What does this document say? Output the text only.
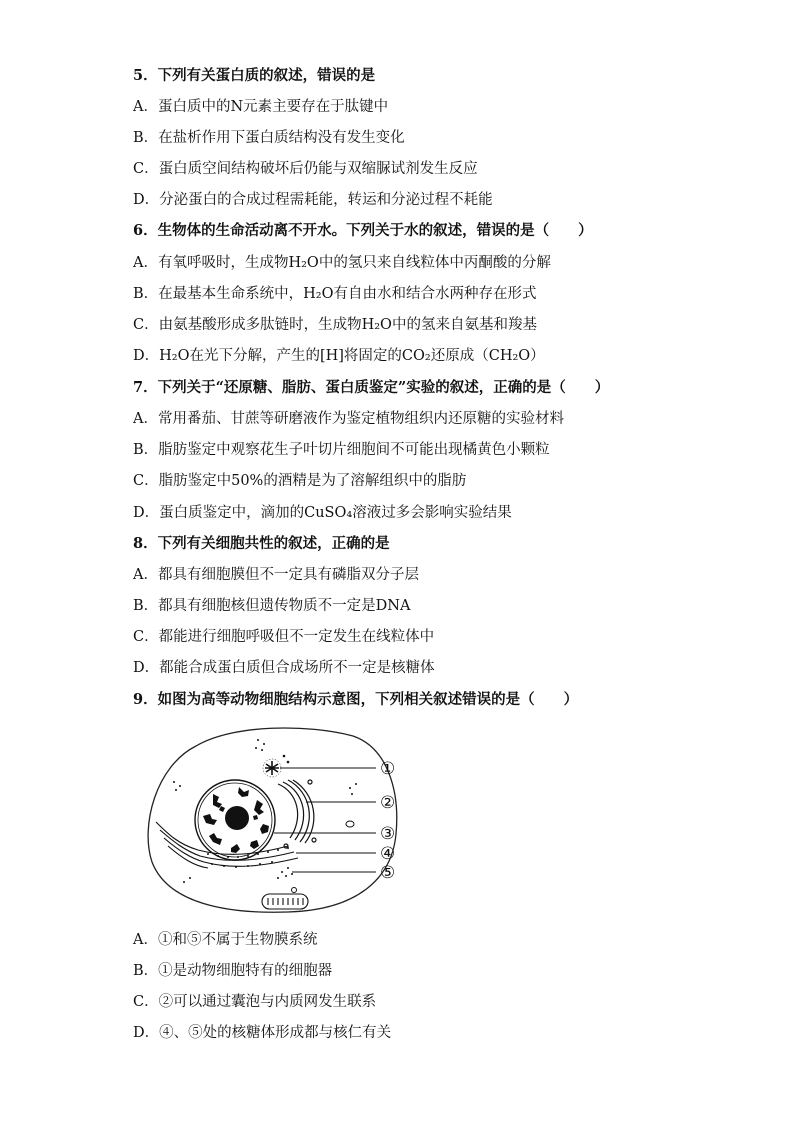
5．下列有关蛋白质的叙述，错误的是
A．蛋白质中的N元素主要存在于肽键中
B．在盐析作用下蛋白质结构没有发生变化
C．蛋白质空间结构破坏后仍能与双缩脲试剂发生反应
D．分泌蛋白的合成过程需耗能，转运和分泌过程不耗能
6．生物体的生命活动离不开水。下列关于水的叙述，错误的是（　　）
A．有氧呼吸时，生成物H₂O中的氢只来自线粒体中丙酮酸的分解
B．在最基本生命系统中，H₂O有自由水和结合水两种存在形式
C．由氨基酸形成多肽链时，生成物H₂O中的氢来自氨基和羧基
D．H₂O在光下分解，产生的[H]将固定的CO₂还原成（CH₂O）
7．下列关于“还原糖、脂肪、蛋白质鉴定”实验的叙述，正确的是（　　）
A．常用番茄、甘蔗等研磨液作为鉴定植物组织内还原糖的实验材料
B．脂肪鉴定中观察花生子叶切片细胞间不可能出现橘黄色小颗粒
C．脂肪鉴定中50%的酒精是为了溶解组织中的脂肪
D．蛋白质鉴定中，滴加的CuSO₄溶液过多会影响实验结果
8．下列有关细胞共性的叙述，正确的是
A．都具有细胞膜但不一定具有磷脂双分子层
B．都具有细胞核但遗传物质不一定是DNA
C．都能进行细胞呼吸但不一定发生在线粒体中
D．都能合成蛋白质但合成场所不一定是核糖体
9．如图为高等动物细胞结构示意图，下列相关叙述错误的是（　　）
①
②
③
④
⑤
A．①和⑤不属于生物膜系统
B．①是动物细胞特有的细胞器
C．②可以通过囊泡与内质网发生联系
D．④、⑤处的核糖体形成都与核仁有关
